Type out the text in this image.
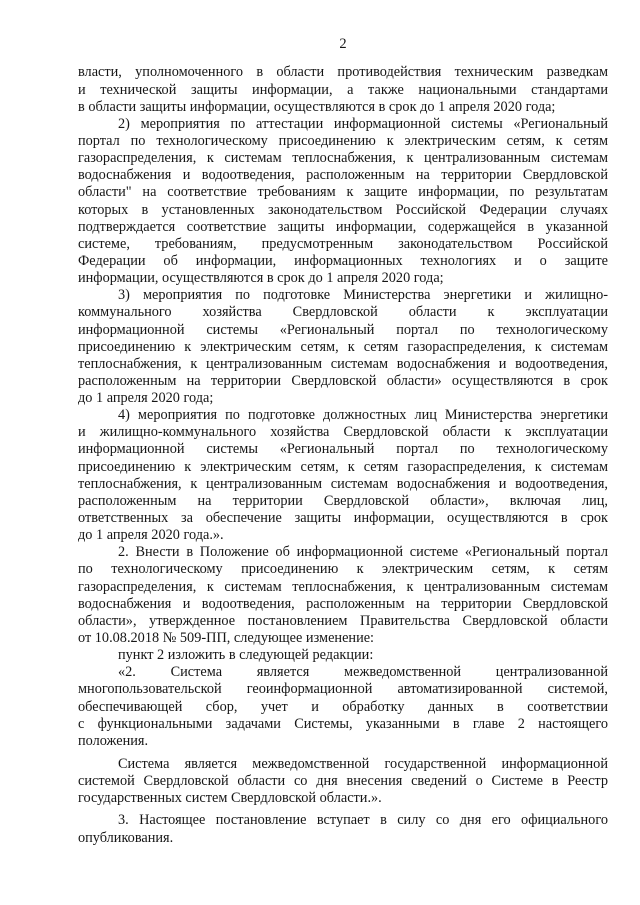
2
власти, уполномоченного в области противодействия техническим разведкам
и технической защиты информации, а также национальными стандартами
в области защиты информации, осуществляются в срок до 1 апреля 2020 года;
2) мероприятия по аттестации информационной системы «Региональный
портал по технологическому присоединению к электрическим сетям, к сетям
газораспределения, к системам теплоснабжения, к централизованным системам
водоснабжения и водоотведения, расположенным на территории Свердловской
области" на соответствие требованиям к защите информации, по результатам
которых в установленных законодательством Российской Федерации случаях
подтверждается соответствие защиты информации, содержащейся в указанной
системе, требованиям, предусмотренным законодательством Российской
Федерации об информации, информационных технологиях и о защите
информации, осуществляются в срок до 1 апреля 2020 года;
3) мероприятия по подготовке Министерства энергетики и жилищно-
коммунального хозяйства Свердловской области к эксплуатации
информационной системы «Региональный портал по технологическому
присоединению к электрическим сетям, к сетям газораспределения, к системам
теплоснабжения, к централизованным системам водоснабжения и водоотведения,
расположенным на территории Свердловской области» осуществляются в срок
до 1 апреля 2020 года;
4) мероприятия по подготовке должностных лиц Министерства энергетики
и жилищно-коммунального хозяйства Свердловской области к эксплуатации
информационной системы «Региональный портал по технологическому
присоединению к электрическим сетям, к сетям газораспределения, к системам
теплоснабжения, к централизованным системам водоснабжения и водоотведения,
расположенным на территории Свердловской области», включая лиц,
ответственных за обеспечение защиты информации, осуществляются в срок
до 1 апреля 2020 года.».
2. Внести в Положение об информационной системе «Региональный портал
по технологическому присоединению к электрическим сетям, к сетям
газораспределения, к системам теплоснабжения, к централизованным системам
водоснабжения и водоотведения, расположенным на территории Свердловской
области», утвержденное постановлением Правительства Свердловской области
от 10.08.2018 № 509-ПП, следующее изменение:
пункт 2 изложить в следующей редакции:
«2. Система является межведомственной централизованной
многопользовательской геоинформационной автоматизированной системой,
обеспечивающей сбор, учет и обработку данных в соответствии
с функциональными задачами Системы, указанными в главе 2 настоящего
положения.
Система является межведомственной государственной информационной
системой Свердловской области со дня внесения сведений о Системе в Реестр
государственных систем Свердловской области.».
3. Настоящее постановление вступает в силу со дня его официального
опубликования.
